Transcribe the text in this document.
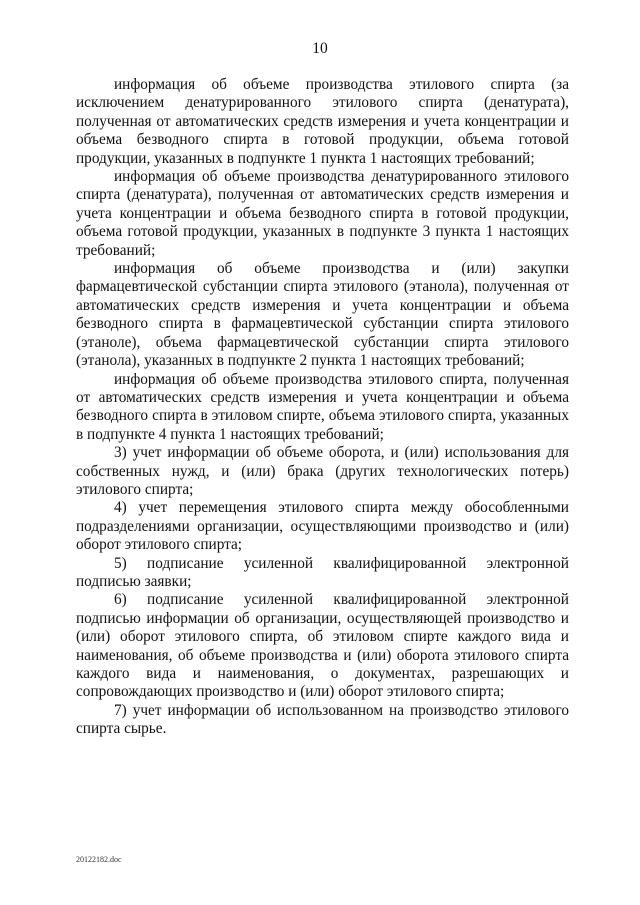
10

информация об объеме производства этилового спирта (за исключением денатурированного этилового спирта (денатурата), полученная от автоматических средств измерения и учета концентрации и объема безводного спирта в готовой продукции, объема готовой продукции, указанных в подпункте 1 пункта 1 настоящих требований;

информация об объеме производства денатурированного этилового спирта (денатурата), полученная от автоматических средств измерения и учета концентрации и объема безводного спирта в готовой продукции, объема готовой продукции, указанных в подпункте 3 пункта 1 настоящих требований;

информация об объеме производства и (или) закупки фармацевтической субстанции спирта этилового (этанола), полученная от автоматических средств измерения и учета концентрации и объема безводного спирта в фармацевтической субстанции спирта этилового (этаноле), объема фармацевтической субстанции спирта этилового (этанола), указанных в подпункте 2 пункта 1 настоящих требований;

информация об объеме производства этилового спирта, полученная от автоматических средств измерения и учета концентрации и объема безводного спирта в этиловом спирте, объема этилового спирта, указанных в подпункте 4 пункта 1 настоящих требований;

3) учет информации об объеме оборота, и (или) использования для собственных нужд, и (или) брака (других технологических потерь) этилового спирта;

4) учет перемещения этилового спирта между обособленными подразделениями организации, осуществляющими производство и (или) оборот этилового спирта;

5) подписание усиленной квалифицированной электронной подписью заявки;

6) подписание усиленной квалифицированной электронной подписью информации об организации, осуществляющей производство и (или) оборот этилового спирта, об этиловом спирте каждого вида и наименования, об объеме производства и (или) оборота этилового спирта каждого вида и наименования, о документах, разрешающих и сопровождающих производство и (или) оборот этилового спирта;

7) учет информации об использованном на производство этилового спирта сырье.

20122182.doc
